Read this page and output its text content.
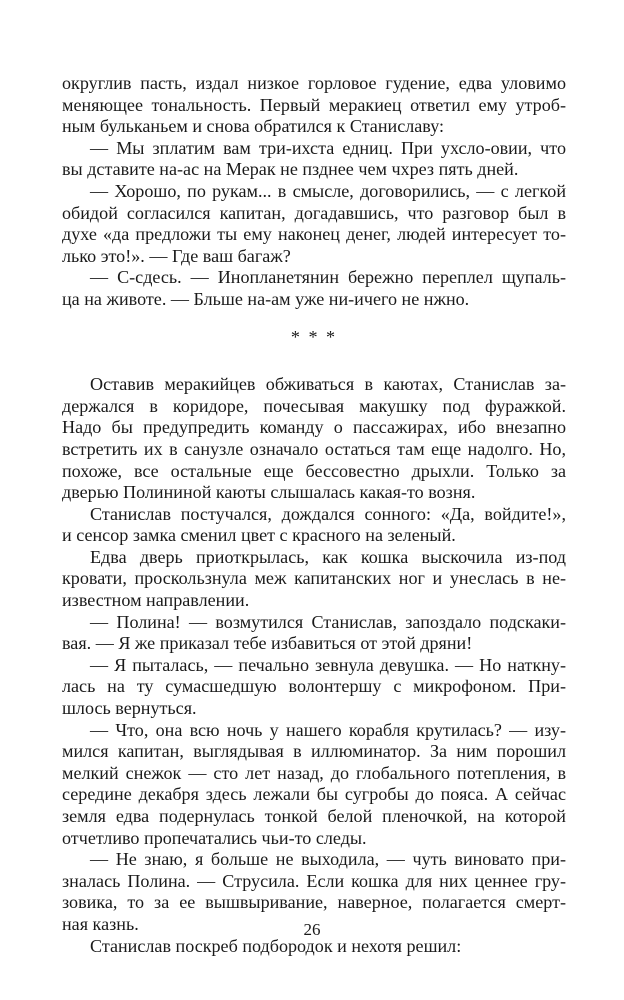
округлив пасть, издал низкое горловое гудение, едва уловимо
меняющее тональность. Первый меракиец ответил ему утроб-
ным бульканьем и снова обратился к Станиславу:
— Мы зплатим вам три-ихста едниц. При ухсло-овии, что
вы дставите на-ас на Мерак не пзднее чем чхрез пять дней.
— Хорошо, по рукам... в смысле, договорились, — с легкой
обидой согласился капитан, догадавшись, что разговор был в
духе «да предложи ты ему наконец денег, людей интересует то-
лько это!». — Где ваш багаж?
— С-сдесь. — Инопланетянин бережно переплел щупаль-
ца на животе. — Бльше на-ам уже ни-ичего не нжно.
* * *
Оставив меракийцев обживаться в каютах, Станислав за-
держался в коридоре, почесывая макушку под фуражкой.
Надо бы предупредить команду о пассажирах, ибо внезапно
встретить их в санузле означало остаться там еще надолго. Но,
похоже, все остальные еще бессовестно дрыхли. Только за
дверью Полининой каюты слышалась какая-то возня.
Станислав постучался, дождался сонного: «Да, войдите!»,
и сенсор замка сменил цвет с красного на зеленый.
Едва дверь приоткрылась, как кошка выскочила из-под
кровати, проскользнула меж капитанских ног и унеслась в не-
известном направлении.
— Полина! — возмутился Станислав, запоздало подскаки-
вая. — Я же приказал тебе избавиться от этой дряни!
— Я пыталась, — печально зевнула девушка. — Но наткну-
лась на ту сумасшедшую волонтершу с микрофоном. При-
шлось вернуться.
— Что, она всю ночь у нашего корабля крутилась? — изу-
мился капитан, выглядывая в иллюминатор. За ним порошил
мелкий снежок — сто лет назад, до глобального потепления, в
середине декабря здесь лежали бы сугробы до пояса. А сейчас
земля едва подернулась тонкой белой пленочкой, на которой
отчетливо пропечатались чьи-то следы.
— Не знаю, я больше не выходила, — чуть виновато при-
зналась Полина. — Струсила. Если кошка для них ценнее гру-
зовика, то за ее вышвыривание, наверное, полагается смерт-
ная казнь.
Станислав поскреб подбородок и нехотя решил:
26
